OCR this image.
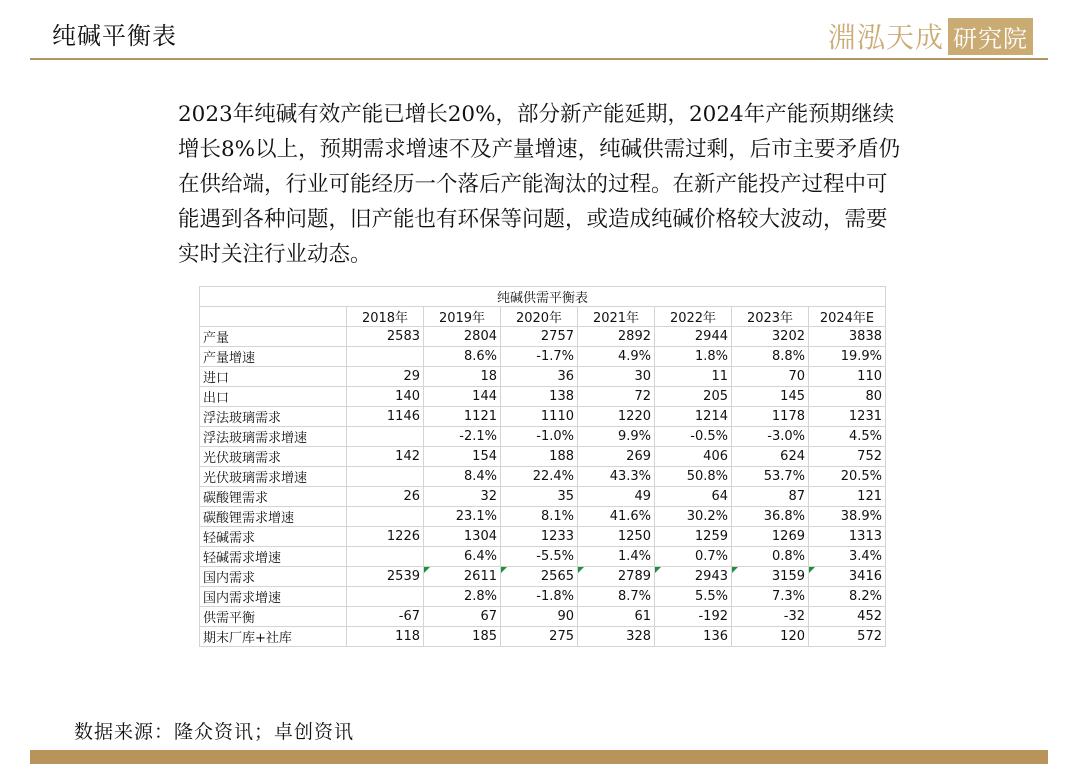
纯碱平衡表	淵泓天成 研究院

2023年纯碱有效产能已增长20%，部分新产能延期，2024年产能预期继续增长8%以上，预期需求增速不及产量增速，纯碱供需过剩，后市主要矛盾仍在供给端，行业可能经历一个落后产能淘汰的过程。在新产能投产过程中可能遇到各种问题，旧产能也有环保等问题，或造成纯碱价格较大波动，需要实时关注行业动态。

纯碱供需平衡表							
	2018年	2019年	2020年	2021年	2022年	2023年	2024年E
产量	2583	2804	2757	2892	2944	3202	3838
产量增速		8.6%	-1.7%	4.9%	1.8%	8.8%	19.9%
进口	29	18	36	30	11	70	110
出口	140	144	138	72	205	145	80
浮法玻璃需求	1146	1121	1110	1220	1214	1178	1231
浮法玻璃需求增速		-2.1%	-1.0%	9.9%	-0.5%	-3.0%	4.5%
光伏玻璃需求	142	154	188	269	406	624	752
光伏玻璃需求增速		8.4%	22.4%	43.3%	50.8%	53.7%	20.5%
碳酸锂需求	26	32	35	49	64	87	121
碳酸锂需求增速		23.1%	8.1%	41.6%	30.2%	36.8%	38.9%
轻碱需求	1226	1304	1233	1250	1259	1269	1313
轻碱需求增速		6.4%	-5.5%	1.4%	0.7%	0.8%	3.4%
国内需求	2539	2611	2565	2789	2943	3159	3416
国内需求增速		2.8%	-1.8%	8.7%	5.5%	7.3%	8.2%
供需平衡	-67	67	90	61	-192	-32	452
期末厂库+社库	118	185	275	328	136	120	572
数据来源：隆众资讯；卓创资讯
